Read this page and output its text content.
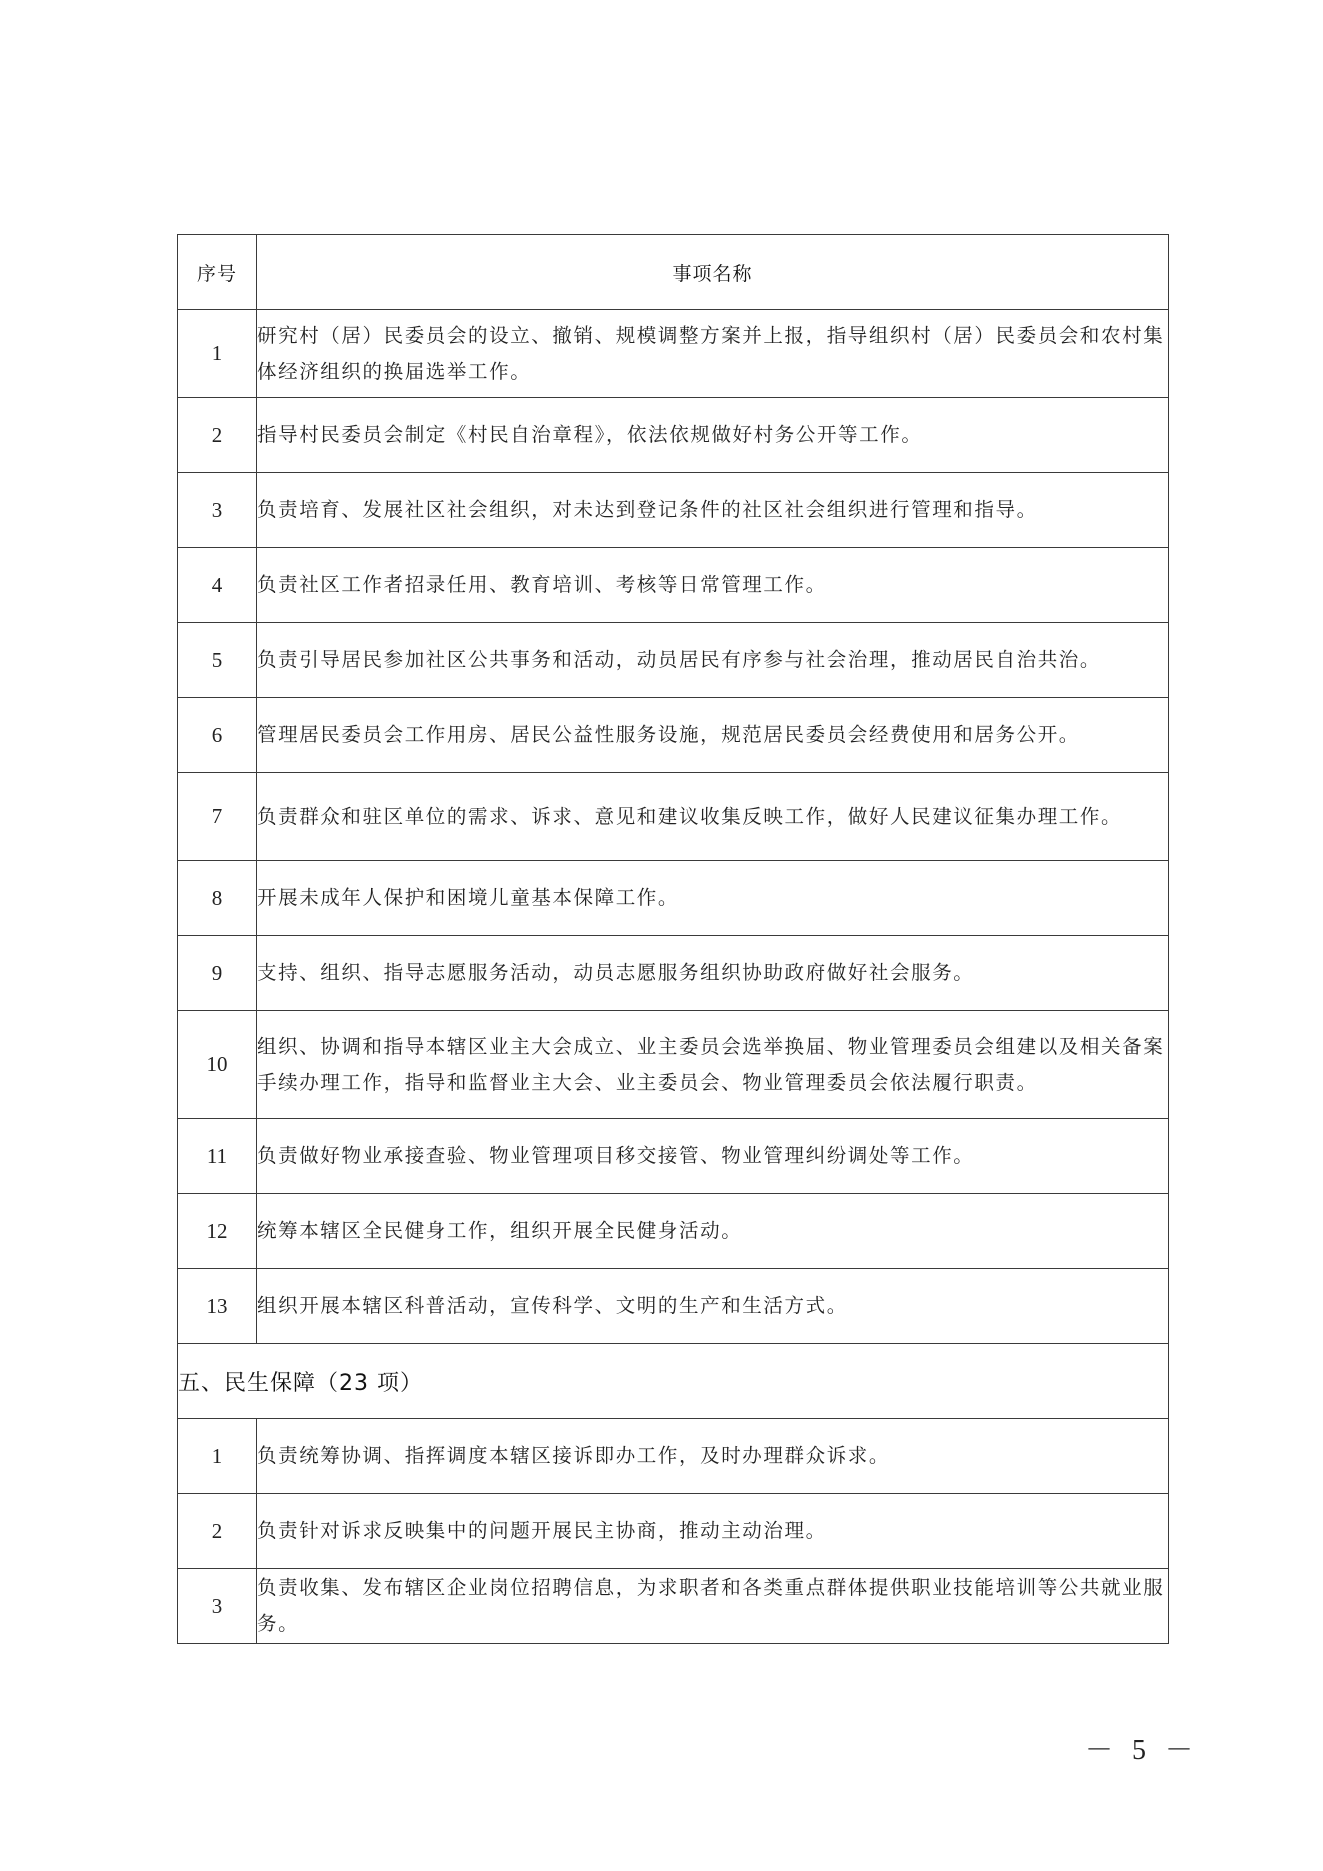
序号	事项名称
1	研究村（居）民委员会的设立、撤销、规模调整方案并上报，指导组织村（居）民委员会和农村集体经济组织的换届选举工作。
2	指导村民委员会制定《村民自治章程》，依法依规做好村务公开等工作。
3	负责培育、发展社区社会组织，对未达到登记条件的社区社会组织进行管理和指导。
4	负责社区工作者招录任用、教育培训、考核等日常管理工作。
5	负责引导居民参加社区公共事务和活动，动员居民有序参与社会治理，推动居民自治共治。
6	管理居民委员会工作用房、居民公益性服务设施，规范居民委员会经费使用和居务公开。
7	负责群众和驻区单位的需求、诉求、意见和建议收集反映工作，做好人民建议征集办理工作。
8	开展未成年人保护和困境儿童基本保障工作。
9	支持、组织、指导志愿服务活动，动员志愿服务组织协助政府做好社会服务。
10	组织、协调和指导本辖区业主大会成立、业主委员会选举换届、物业管理委员会组建以及相关备案手续办理工作，指导和监督业主大会、业主委员会、物业管理委员会依法履行职责。
11	负责做好物业承接查验、物业管理项目移交接管、物业管理纠纷调处等工作。
12	统筹本辖区全民健身工作，组织开展全民健身活动。
13	组织开展本辖区科普活动，宣传科学、文明的生产和生活方式。
五、民生保障（23 项）	
1	负责统筹协调、指挥调度本辖区接诉即办工作，及时办理群众诉求。
2	负责针对诉求反映集中的问题开展民主协商，推动主动治理。
3	负责收集、发布辖区企业岗位招聘信息，为求职者和各类重点群体提供职业技能培训等公共就业服务。
－ 5 －
